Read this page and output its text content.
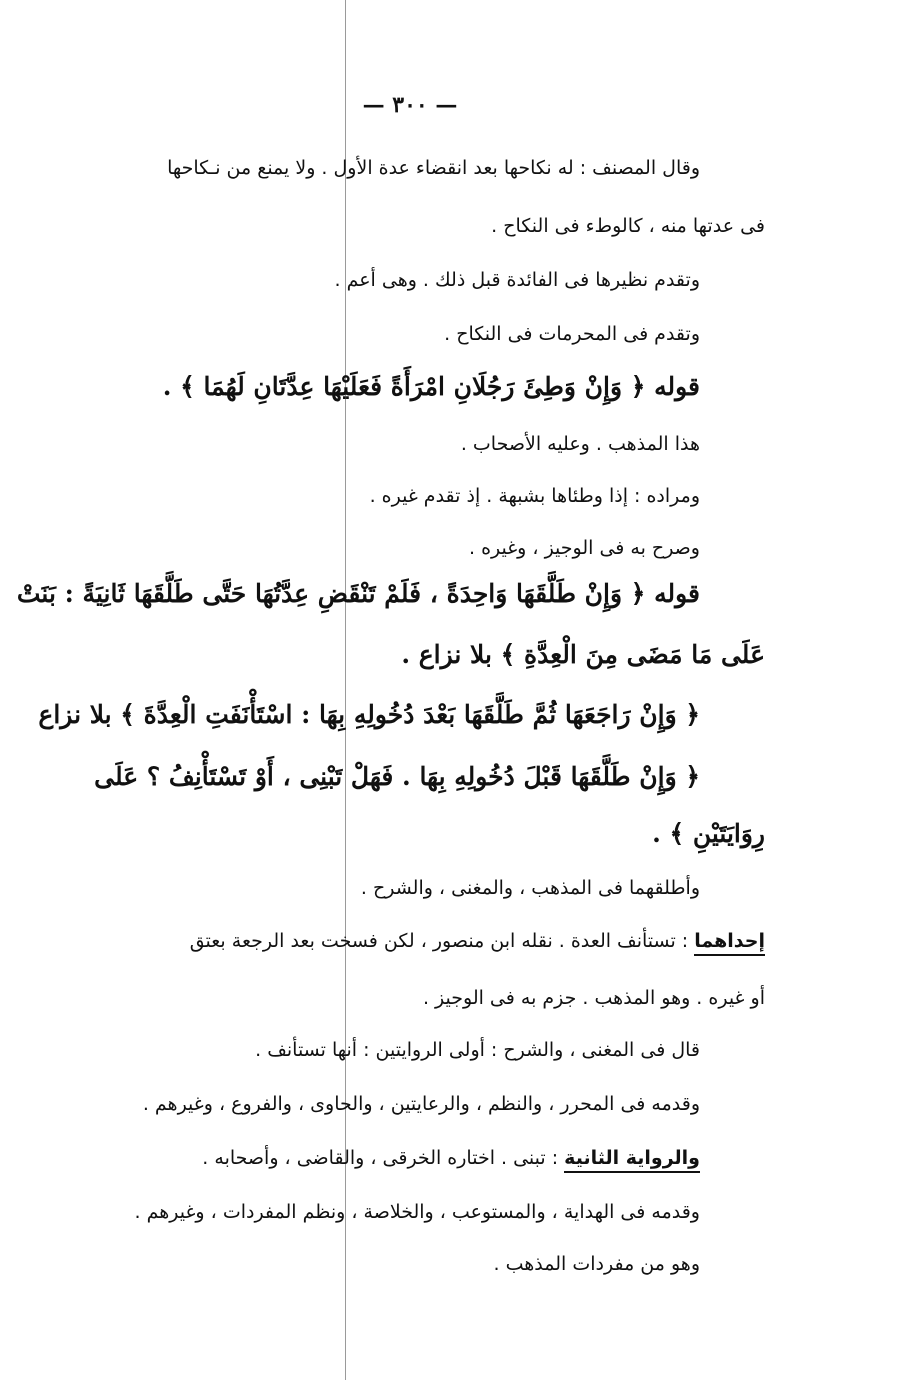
— ٣٠٠ —
وقال المصنف : له نكاحها بعد انقضاء عدة الأول . ولا يمنع من نـكاحها
فى عدتها منه ، كالوطء فى النكاح .
وتقدم نظيرها فى الفائدة قبل ذلك . وهى أعم .
وتقدم فى المحرمات فى النكاح .
قوله ﴿ وَإِنْ وَطِئَ رَجُلَانِ امْرَأَةً فَعَلَيْهَا عِدَّتَانِ لَهُمَا ﴾ .
هذا المذهب . وعليه الأصحاب .
ومراده : إذا وطئاها بشبهة . إذ تقدم غيره .
وصرح به فى الوجيز ، وغيره .
قوله ﴿ وَإِنْ طَلَّقَهَا وَاحِدَةً ، فَلَمْ تَنْقَضِ عِدَّتُهَا حَتَّى طَلَّقَهَا ثَانِيَةً : بَنَتْ
عَلَى مَا مَضَى مِنَ الْعِدَّةِ ﴾ بلا نزاع .
﴿ وَإِنْ رَاجَعَهَا ثُمَّ طَلَّقَهَا بَعْدَ دُخُولِهِ بِهَا : اسْتَأْنَفَتِ الْعِدَّةَ ﴾ بلا نزاع
﴿ وَإِنْ طَلَّقَهَا قَبْلَ دُخُولِهِ بِهَا . فَهَلْ تَبْنِى ، أَوْ تَسْتَأْنِفُ ؟ عَلَى
رِوَايَتَيْنِ ﴾ .
وأطلقهما فى المذهب ، والمغنى ، والشرح .
إحداهما : تستأنف العدة . نقله ابن منصور ، لكن فسخت بعد الرجعة بعتق
أو غيره . وهو المذهب . جزم به فى الوجيز .
قال فى المغنى ، والشرح : أولى الروايتين : أنها تستأنف .
وقدمه فى المحرر ، والنظم ، والرعايتين ، والحاوى ، والفروع ، وغيرهم .
والرواية الثانية : تبنى . اختاره الخرقى ، والقاضى ، وأصحابه .
وقدمه فى الهداية ، والمستوعب ، والخلاصة ، ونظم المفردات ، وغيرهم .
وهو من مفردات المذهب .
